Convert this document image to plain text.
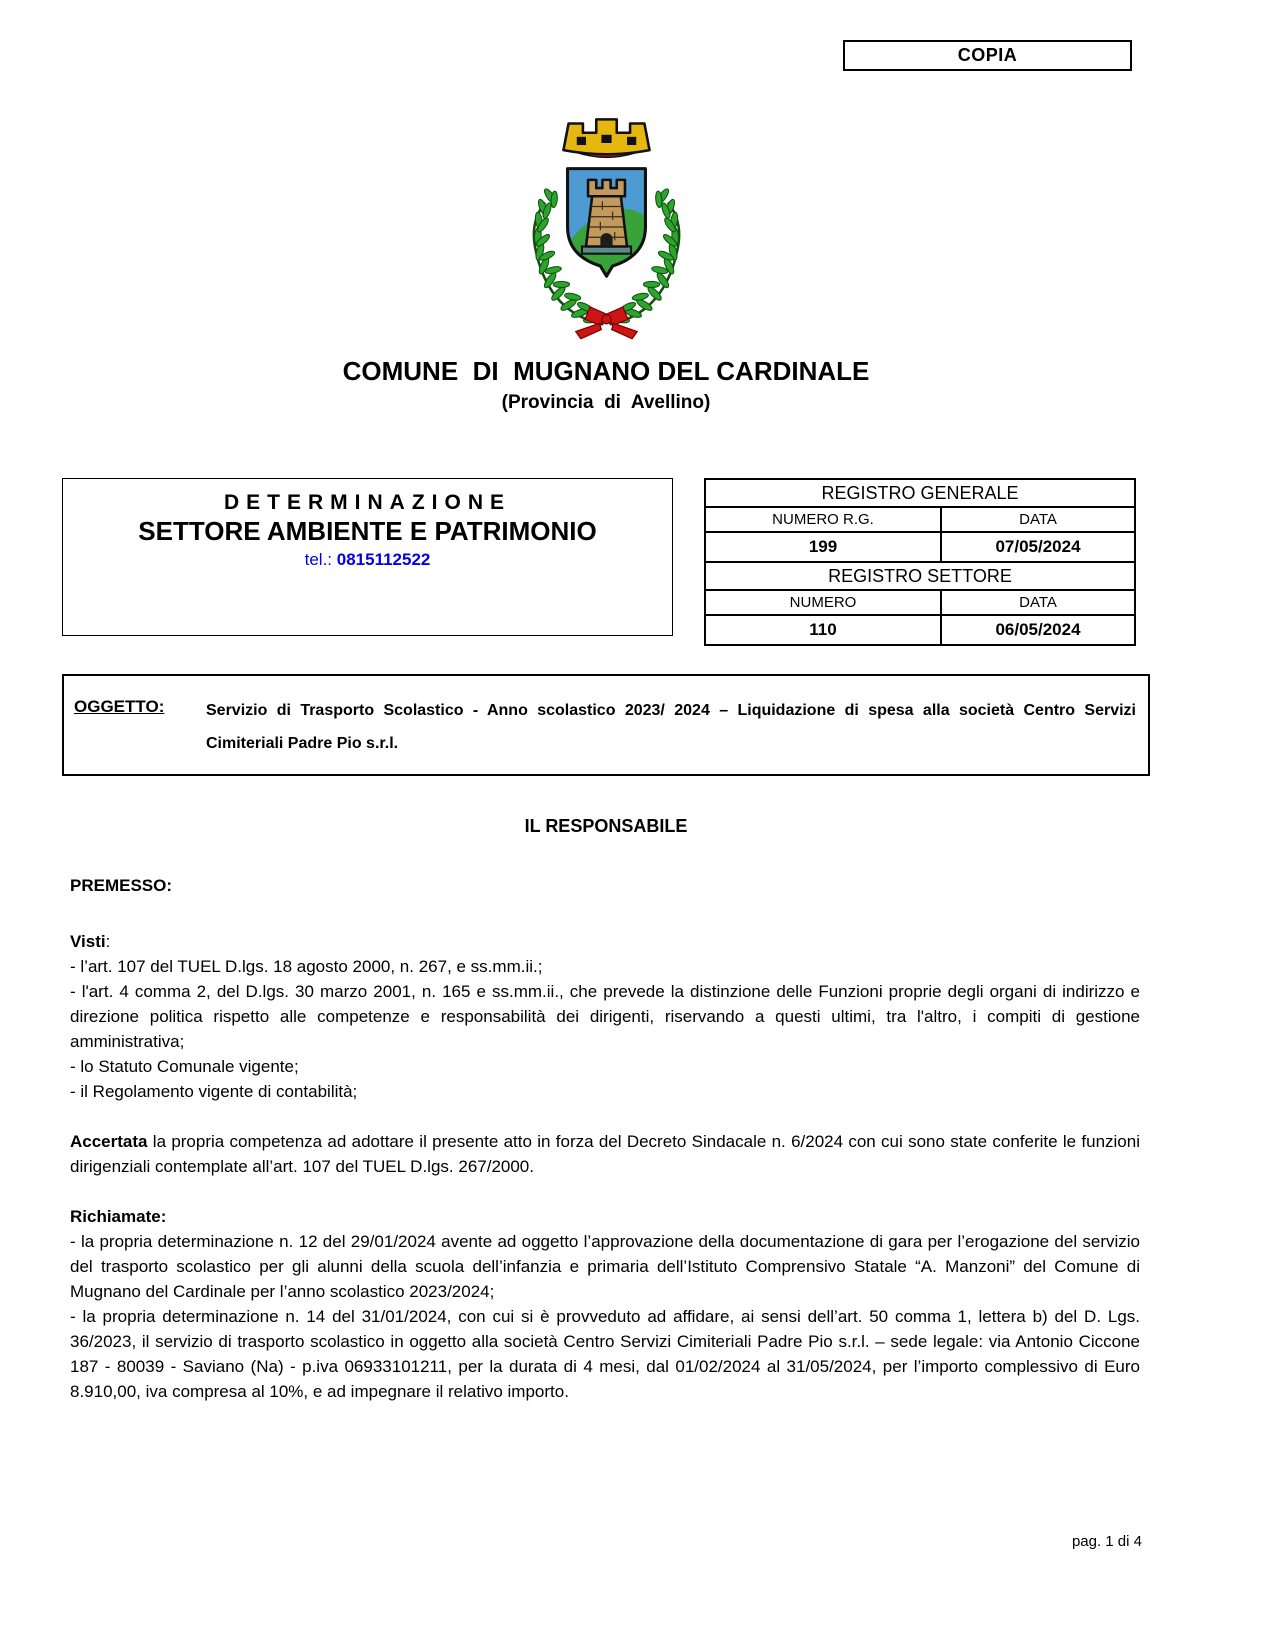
COPIA
COMUNE  DI  MUGNANO DEL CARDINALE
(Provincia  di  Avellino)
DETERMINAZIONE
SETTORE AMBIENTE E PATRIMONIO
tel.: 0815112522
REGISTRO GENERALE	
NUMERO R.G.	DATA
199	07/05/2024
REGISTRO SETTORE	
NUMERO	DATA
110	06/05/2024
OGGETTO:	Servizio di Trasporto Scolastico - Anno scolastico 2023/ 2024 – Liquidazione di spesa alla società Centro Servizi Cimiteriali Padre Pio s.r.l.
IL RESPONSABILE
PREMESSO:
Visti:
- l’art. 107 del TUEL D.lgs. 18 agosto 2000, n. 267, e ss.mm.ii.;
- l'art. 4 comma 2, del D.lgs. 30 marzo 2001, n. 165 e ss.mm.ii., che prevede la distinzione delle Funzioni proprie degli organi di indirizzo e direzione politica rispetto alle competenze e responsabilità dei dirigenti, riservando a questi ultimi, tra l'altro, i compiti di gestione amministrativa;
- lo Statuto Comunale vigente;
- il Regolamento vigente di contabilità;

Accertata la propria competenza ad adottare il presente atto in forza del Decreto Sindacale n. 6/2024 con cui sono state conferite le funzioni dirigenziali contemplate all’art. 107 del TUEL D.lgs. 267/2000.

Richiamate:
- la propria determinazione n. 12 del 29/01/2024 avente ad oggetto l’approvazione della documentazione di gara per l’erogazione del servizio del trasporto scolastico per gli alunni della scuola dell’infanzia e primaria dell’Istituto Comprensivo Statale “A. Manzoni” del Comune di Mugnano del Cardinale per l’anno scolastico 2023/2024;
- la propria determinazione n. 14 del 31/01/2024, con cui si è provveduto ad affidare, ai sensi dell’art. 50 comma 1, lettera b) del D. Lgs. 36/2023, il servizio di trasporto scolastico in oggetto alla società Centro Servizi Cimiteriali Padre Pio s.r.l. – sede legale: via Antonio Ciccone 187 - 80039 - Saviano (Na) - p.iva 06933101211, per la durata di 4 mesi, dal 01/02/2024 al 31/05/2024, per l’importo complessivo di Euro 8.910,00, iva compresa al 10%, e ad impegnare il relativo importo.
pag. 1 di 4
